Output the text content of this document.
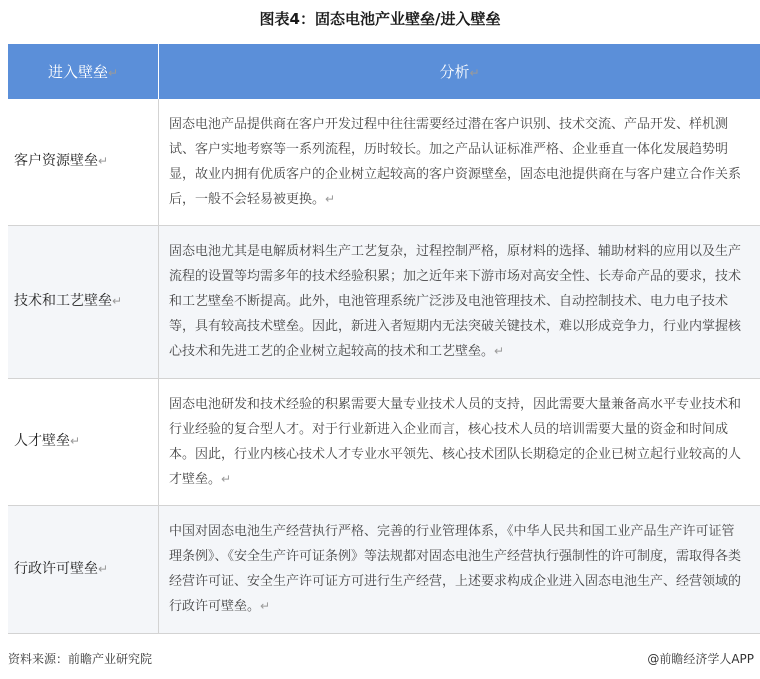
图表4：固态电池产业壁垒/进入壁垒
进入壁垒↵	分析↵
客户资源壁垒↵	固态电池产品提供商在客户开发过程中往往需要经过潜在客户识别、技术交流、产品开发、样机测试、客户实地考察等一系列流程，历时较长。加之产品认证标准严格、企业垂直一体化发展趋势明显，故业内拥有优质客户的企业树立起较高的客户资源壁垒，固态电池提供商在与客户建立合作关系后，一般不会轻易被更换。↵
技术和工艺壁垒↵	固态电池尤其是电解质材料生产工艺复杂，过程控制严格，原材料的选择、辅助材料的应用以及生产流程的设置等均需多年的技术经验积累；加之近年来下游市场对高安全性、长寿命产品的要求，技术和工艺壁垒不断提高。此外，电池管理系统广泛涉及电池管理技术、自动控制技术、电力电子技术等，具有较高技术壁垒。因此，新进入者短期内无法突破关键技术，难以形成竞争力，行业内掌握核心技术和先进工艺的企业树立起较高的技术和工艺壁垒。↵
人才壁垒↵	固态电池研发和技术经验的积累需要大量专业技术人员的支持，因此需要大量兼备高水平专业技术和行业经验的复合型人才。对于行业新进入企业而言，核心技术人员的培训需要大量的资金和时间成本。因此，行业内核心技术人才专业水平领先、核心技术团队长期稳定的企业已树立起行业较高的人才壁垒。↵
行政许可壁垒↵	中国对固态电池生产经营执行严格、完善的行业管理体系，《中华人民共和国工业产品生产许可证管理条例》、《安全生产许可证条例》等法规都对固态电池生产经营执行强制性的许可制度，需取得各类经营许可证、安全生产许可证方可进行生产经营，上述要求构成企业进入固态电池生产、经营领域的行政许可壁垒。↵
资料来源：前瞻产业研究院	@前瞻经济学人APP
